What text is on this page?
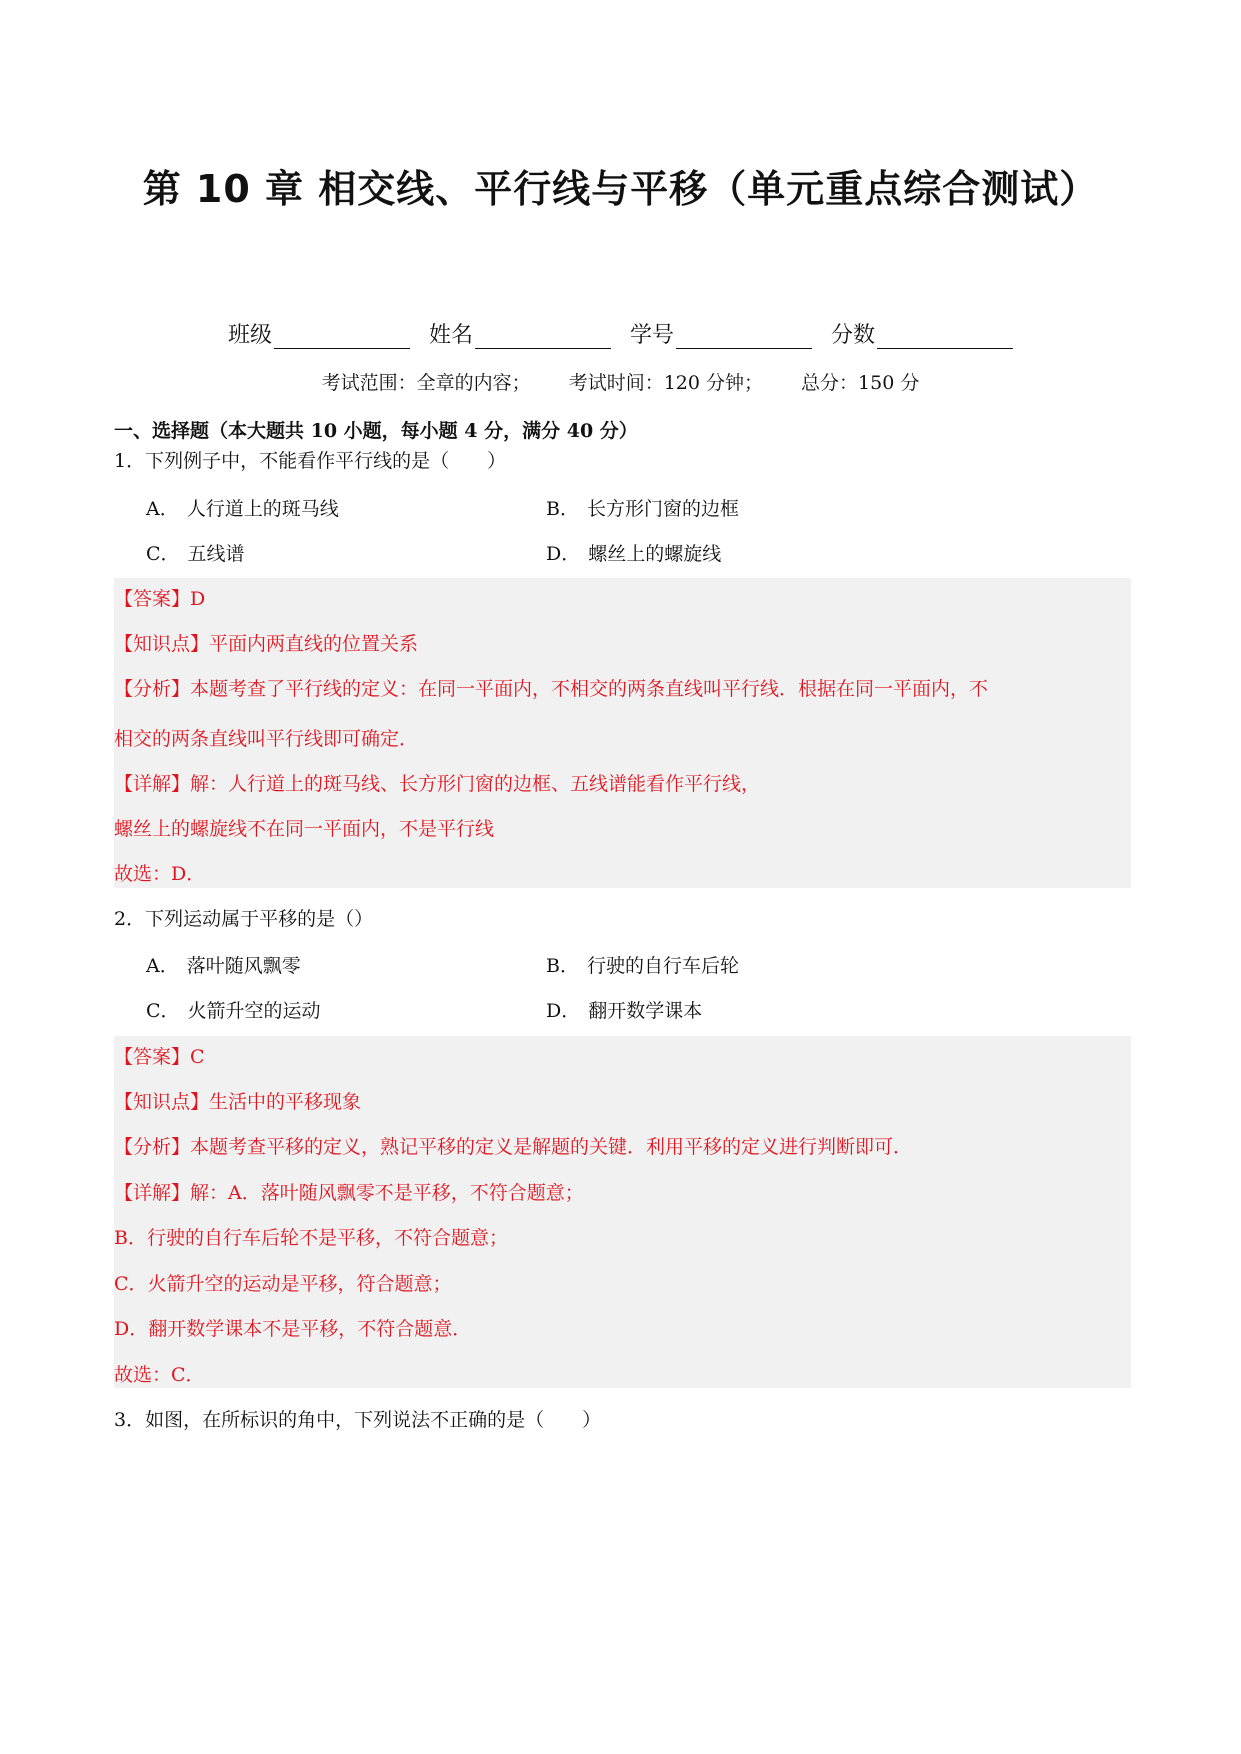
第 10 章 相交线、平行线与平移（单元重点综合测试）
班级	姓名	学号	分数
考试范围：全章的内容； 考试时间：120 分钟； 总分：150 分
一、选择题（本大题共 10 小题，每小题 4 分，满分 40 分）
1．下列例子中，不能看作平行线的是（　　）
A． 人行道上的斑马线	B． 长方形门窗的边框
C． 五线谱	D． 螺丝上的螺旋线
【答案】D
【知识点】平面内两直线的位置关系
【分析】本题考查了平行线的定义：在同一平面内，不相交的两条直线叫平行线．根据在同一平面内，不
相交的两条直线叫平行线即可确定．
【详解】解：人行道上的斑马线、长方形门窗的边框、五线谱能看作平行线，
螺丝上的螺旋线不在同一平面内，不是平行线
故选：D．
2．下列运动属于平移的是（）
A． 落叶随风飘零	B． 行驶的自行车后轮
C． 火箭升空的运动	D． 翻开数学课本
【答案】C
【知识点】生活中的平移现象
【分析】本题考查平移的定义，熟记平移的定义是解题的关键．利用平移的定义进行判断即可．
【详解】解：A．落叶随风飘零不是平移，不符合题意；
B．行驶的自行车后轮不是平移，不符合题意；
C．火箭升空的运动是平移，符合题意；
D．翻开数学课本不是平移，不符合题意．
故选：C．
3．如图，在所标识的角中，下列说法不正确的是（　　）
